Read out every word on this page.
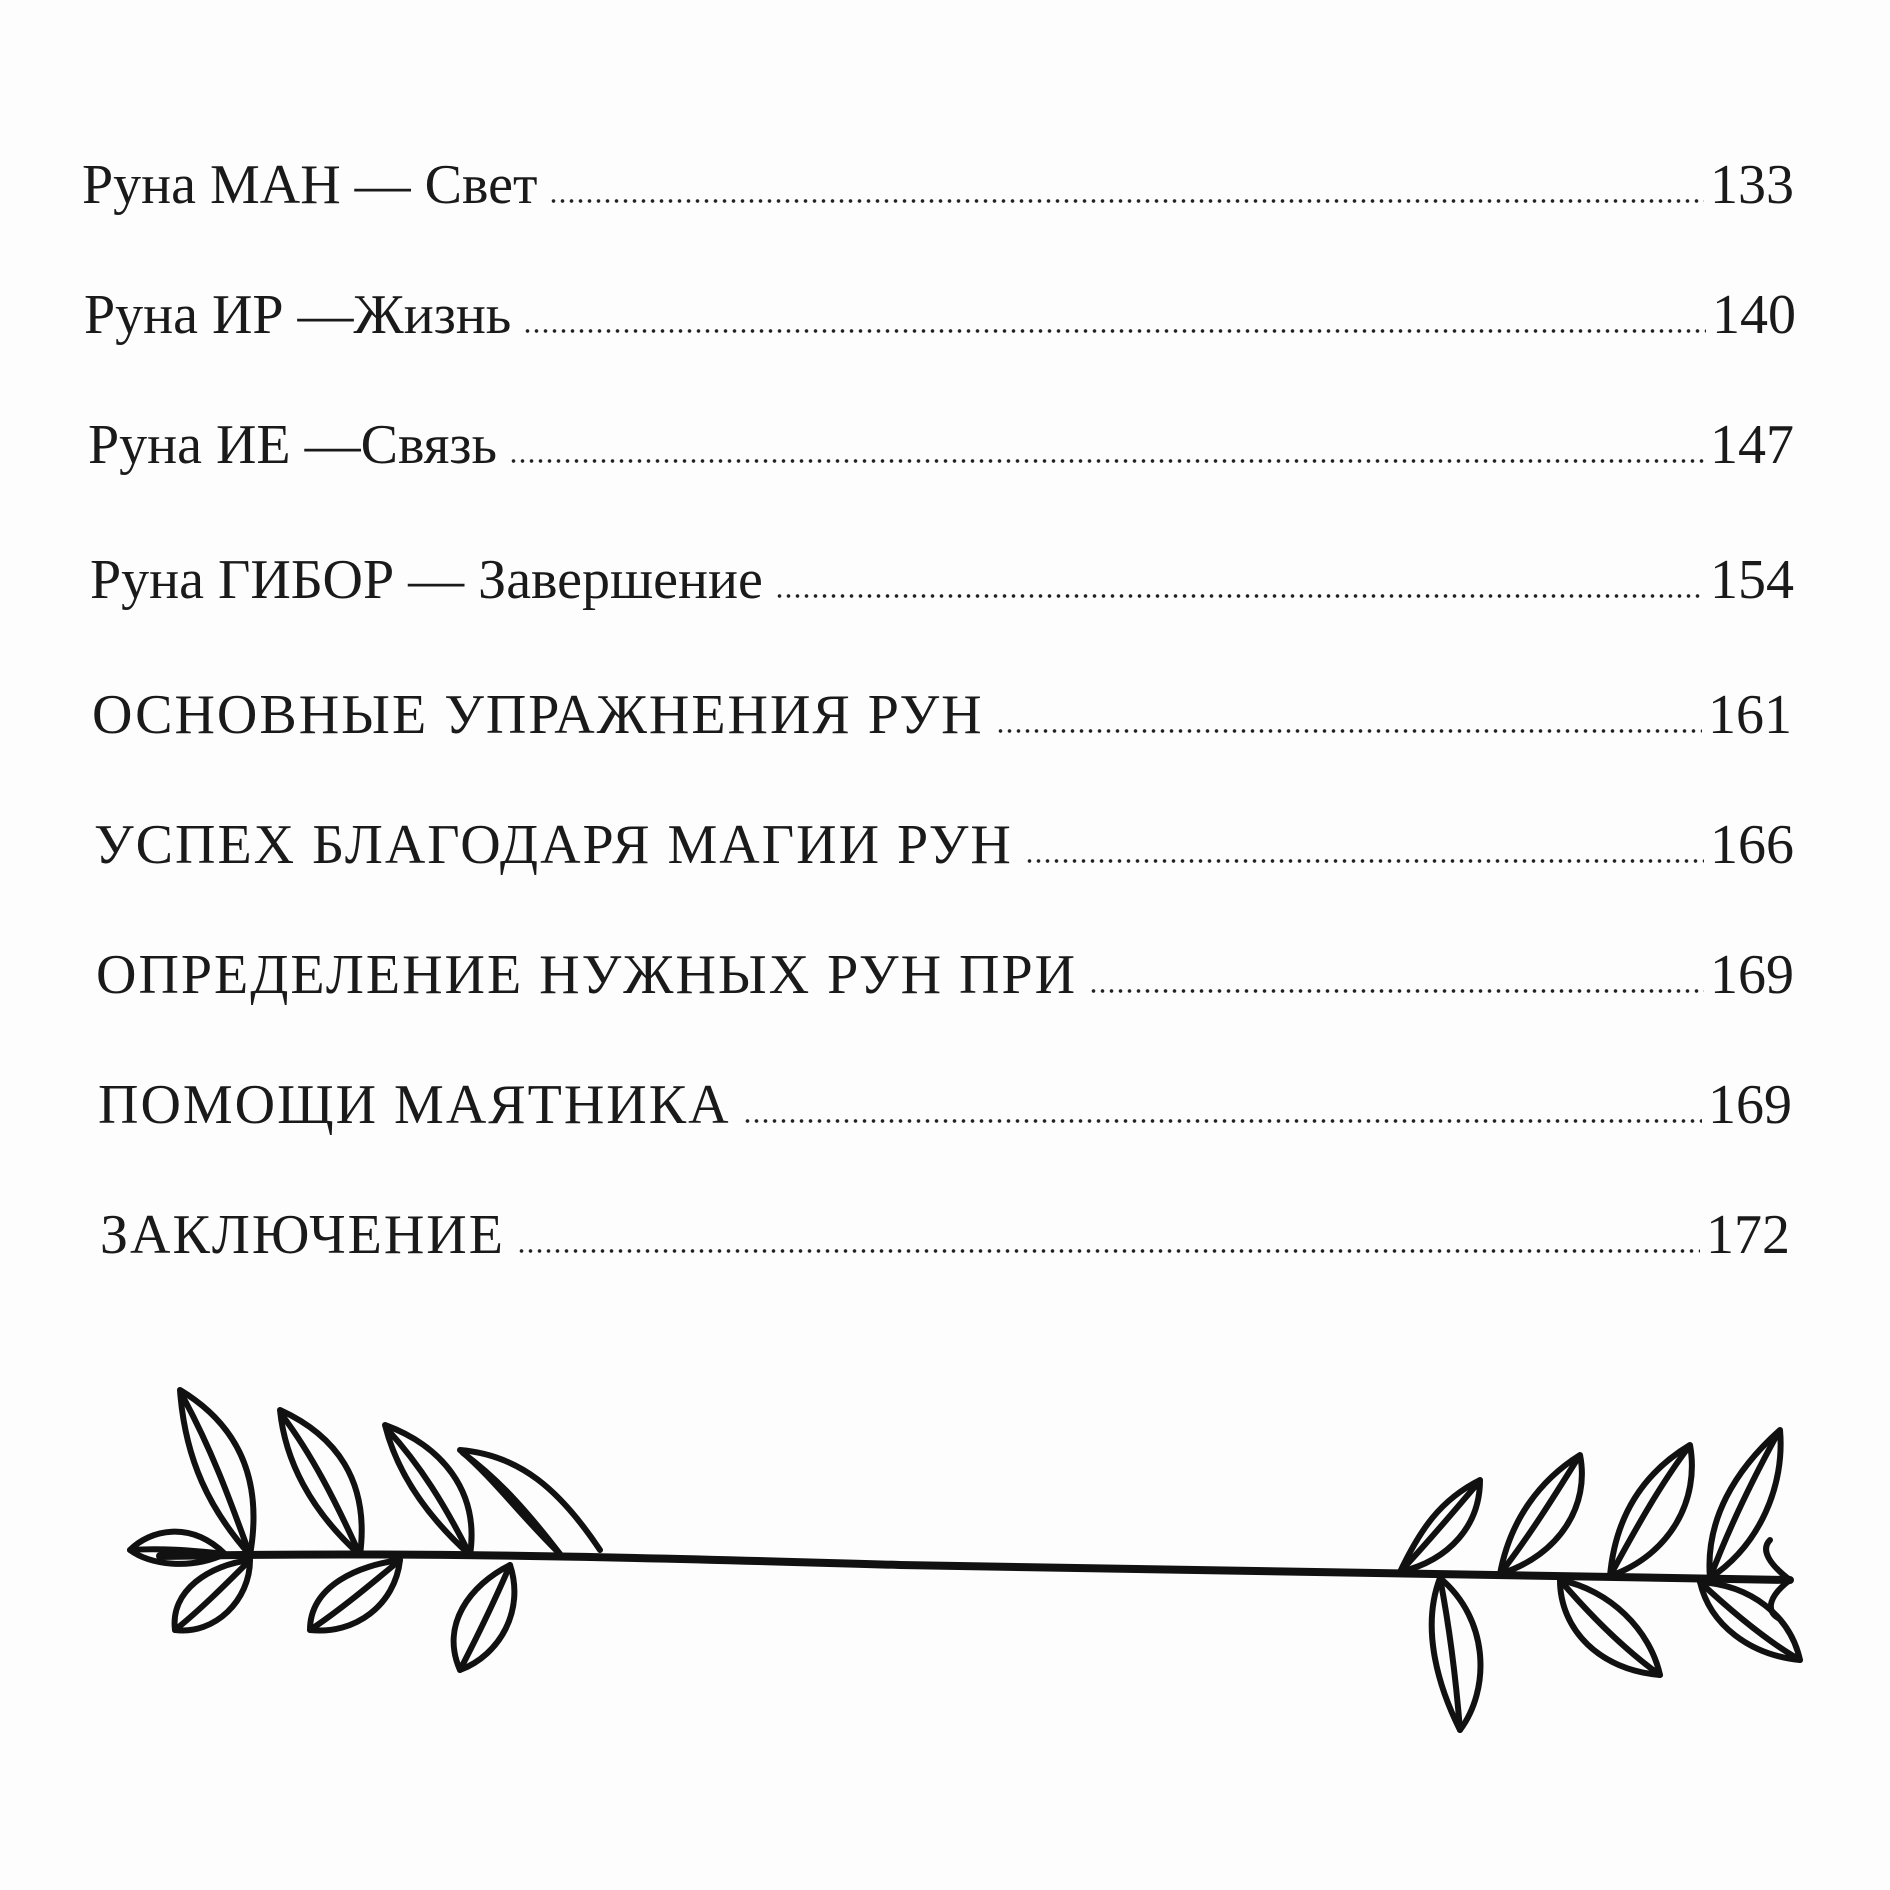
Руна МАН — Свет	133
Руна ИР —Жизнь	140
Руна ИЕ —Связь	147
Руна ГИБОР — Завершение	154
ОСНОВНЫЕ УПРАЖНЕНИЯ РУН	161
УСПЕХ БЛАГОДАРЯ МАГИИ РУН	166
ОПРЕДЕЛЕНИЕ НУЖНЫХ РУН ПРИ	169
ПОМОЩИ МАЯТНИКА	169
ЗАКЛЮЧЕНИЕ	172
